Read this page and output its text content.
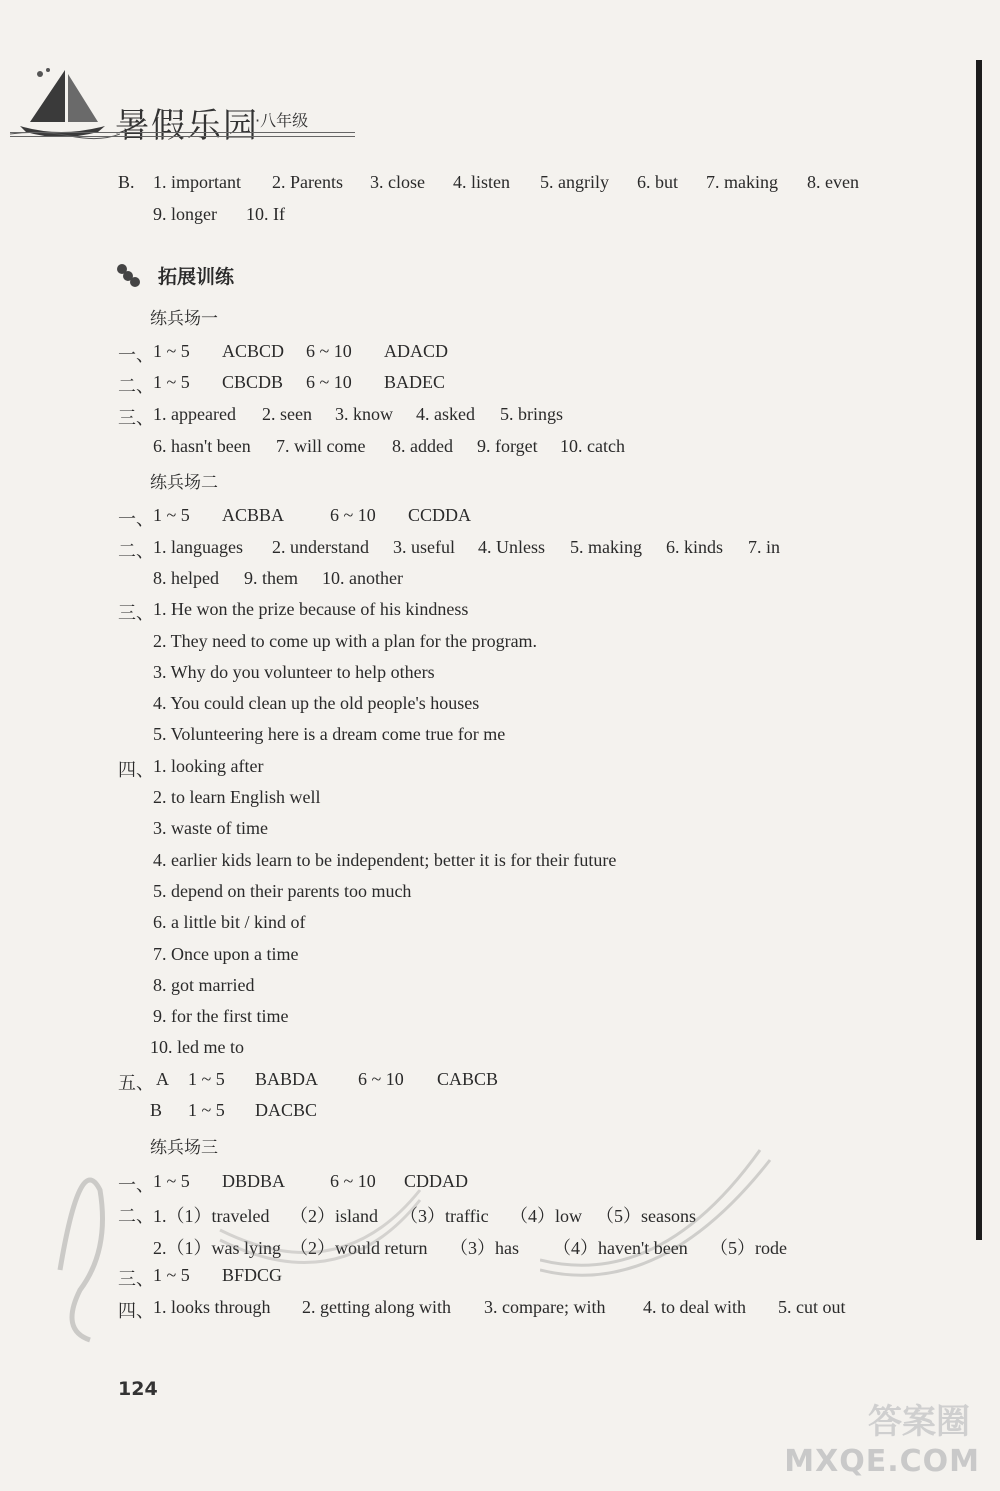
暑假乐园
·八年级
拓展训练
B. 1. important 2. Parents 3. close 4. listen 5. angrily 6. but 7. making 8. even
9. longer 10. If
练兵场一
一、 1 ~ 5 ACBCD 6 ~ 10 ADACD
二、 1 ~ 5 CBCDB 6 ~ 10 BADEC
三、 1. appeared 2. seen 3. know 4. asked 5. brings
6. hasn't been 7. will come 8. added 9. forget 10. catch
练兵场二
一、 1 ~ 5 ACBBA	6 ~ 10 CCDDA
二、 1. languages 2. understand 3. useful 4. Unless 5. making 6. kinds 7. in
8. helped 9. them 10. another
三、 1. He won the prize because of his kindness
2. They need to come up with a plan for the program.
3. Why do you volunteer to help others
4. You could clean up the old people's houses
5. Volunteering here is a dream come true for me
四、 1. looking after
2. to learn English well
3. waste of time
4. earlier kids learn to be independent; better it is for their future
5. depend on their parents too much
6. a little bit / kind of
7. Once upon a time
8. got married
9. for the first time
10. led me to
五、 A 1 ~ 5 BABDA 6 ~ 10 CABCB
B 1 ~ 5 DACBC
练兵场三
一、 1 ~ 5 DBDBA 6 ~ 10 CDDAD
二、 1.（1）traveled （2）island （3）traffic （4）low （5）seasons
2.（1）was lying （2）would return （3）has （4）haven't been （5）rode
三、 1 ~ 5 BFDCG
四、 1. looks through 2. getting along with 3. compare; with 4. to deal with 5. cut out
124
答案圈
MXQE.COM
